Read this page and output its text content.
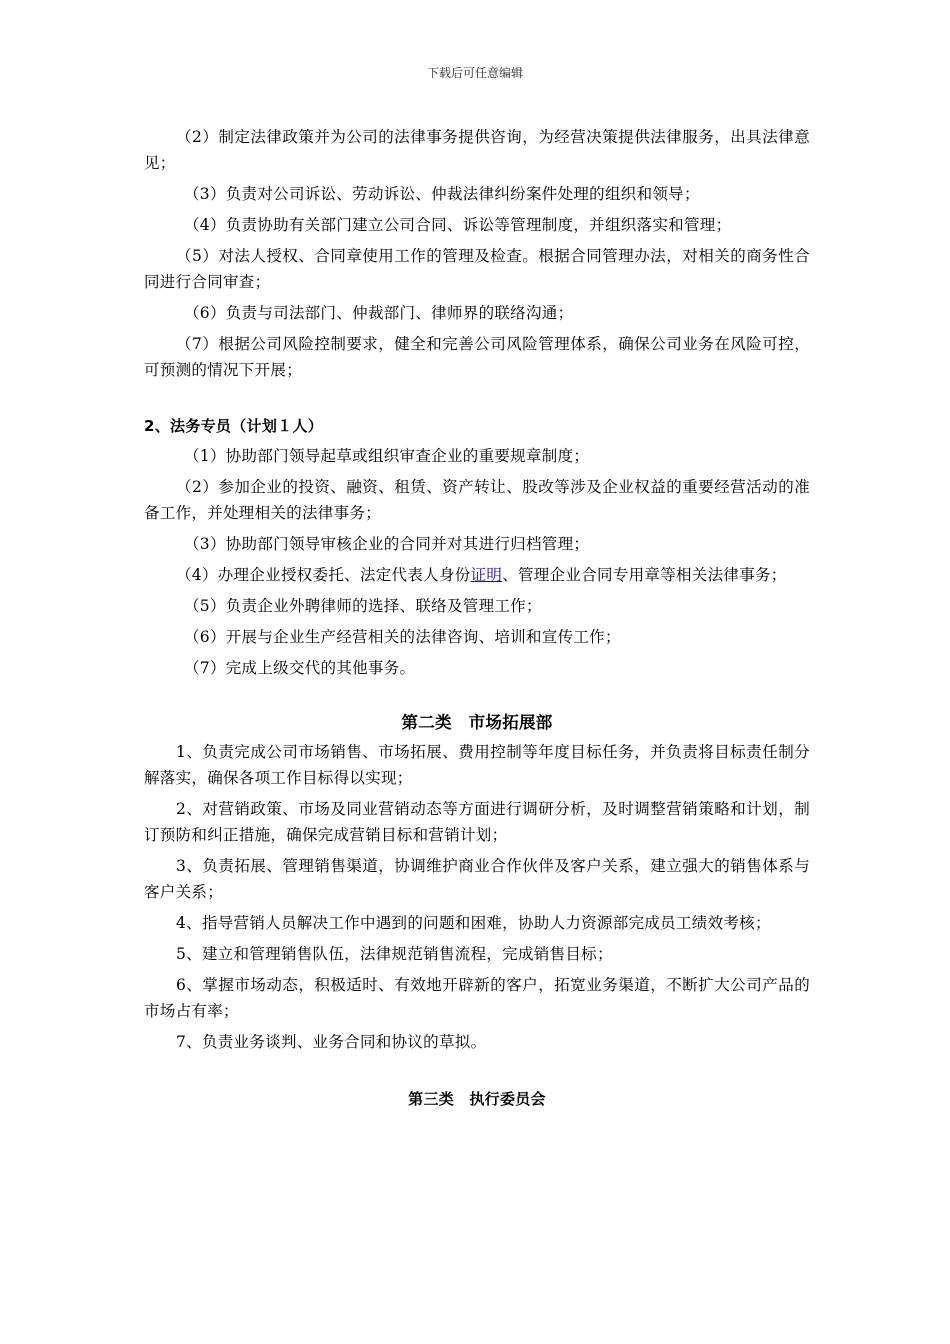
下载后可任意编辑

（2）制定法律政策并为公司的法律事务提供咨询，为经营决策提供法律服务，出具法律意见；

（3）负责对公司诉讼、劳动诉讼、仲裁法律纠纷案件处理的组织和领导；

（4）负责协助有关部门建立公司合同、诉讼等管理制度，并组织落实和管理；

（5）对法人授权、合同章使用工作的管理及检查。根据合同管理办法，对相关的商务性合同进行合同审查；

（6）负责与司法部门、仲裁部门、律师界的联络沟通；

（7）根据公司风险控制要求，健全和完善公司风险管理体系，确保公司业务在风险可控，可预测的情况下开展；

2、法务专员（计划１人）

（1）协助部门领导起草或组织审查企业的重要规章制度；

（2）参加企业的投资、融资、租赁、资产转让、股改等涉及企业权益的重要经营活动的准备工作，并处理相关的法律事务；

（3）协助部门领导审核企业的合同并对其进行归档管理；

（4）办理企业授权委托、法定代表人身份证明、管理企业合同专用章等相关法律事务；

（5）负责企业外聘律师的选择、联络及管理工作；

（6）开展与企业生产经营相关的法律咨询、培训和宣传工作；

（7）完成上级交代的其他事务。

第二类　市场拓展部

1、负责完成公司市场销售、市场拓展、费用控制等年度目标任务，并负责将目标责任制分解落实，确保各项工作目标得以实现；

2、对营销政策、市场及同业营销动态等方面进行调研分析，及时调整营销策略和计划，制订预防和纠正措施，确保完成营销目标和营销计划；

3、负责拓展、管理销售渠道，协调维护商业合作伙伴及客户关系，建立强大的销售体系与客户关系；

4、指导营销人员解决工作中遇到的问题和困难，协助人力资源部完成员工绩效考核；

5、建立和管理销售队伍，法律规范销售流程，完成销售目标；

6、掌握市场动态，积极适时、有效地开辟新的客户，拓宽业务渠道，不断扩大公司产品的市场占有率；

7、负责业务谈判、业务合同和协议的草拟。

第三类　执行委员会
